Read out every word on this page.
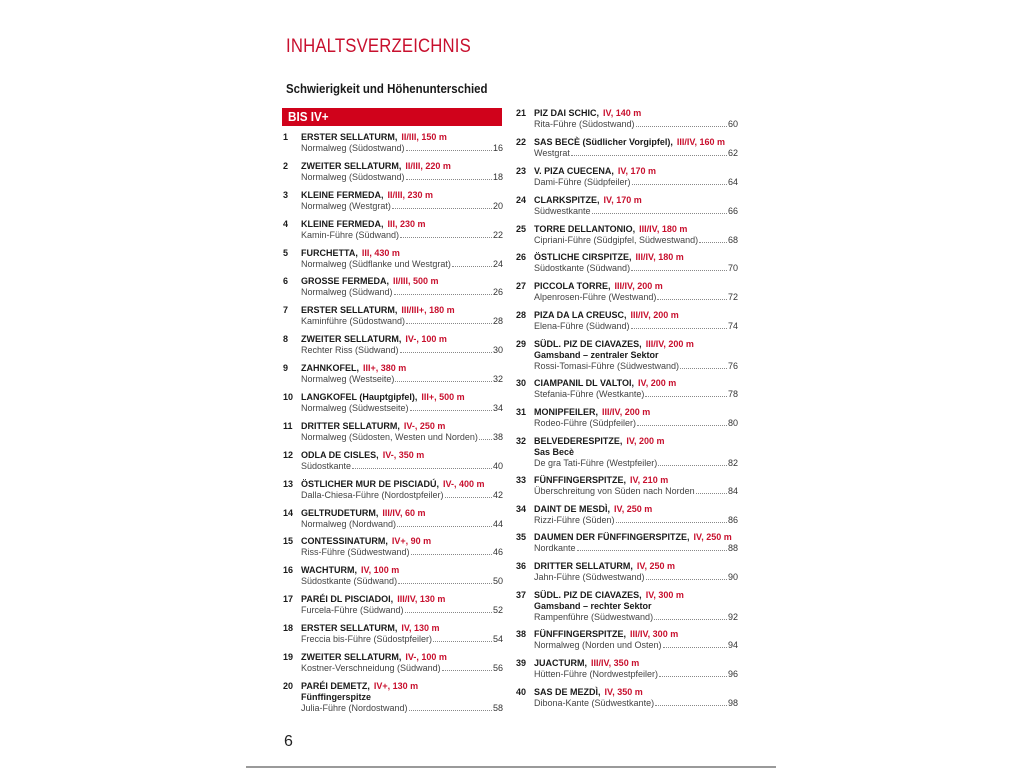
INHALTSVERZEICHNIS
Schwierigkeit und Höhenunterschied
BIS IV+
1	ERSTER SELLATURM, II/III, 150 m
Normalweg (Südostwand)	16
2	ZWEITER SELLATURM, II/III, 220 m
Normalweg (Südostwand)	18
3	KLEINE FERMEDA, II/III, 230 m
Normalweg (Westgrat)	20
4	KLEINE FERMEDA, III, 230 m
Kamin-Führe (Südwand)	22
5	FURCHETTA, III, 430 m
Normalweg (Südflanke und Westgrat)	24
6	GROSSE FERMEDA, II/III, 500 m
Normalweg (Südwand)	26
7	ERSTER SELLATURM, III/III+, 180 m
Kaminführe (Südostwand)	28
8	ZWEITER SELLATURM, IV-, 100 m
Rechter Riss (Südwand)	30
9	ZAHNKOFEL, III+, 380 m
Normalweg (Westseite)	32
10 LANGKOFEL (Hauptgipfel), III+, 500 m
Normalweg (Südwestseite)	34
11 DRITTER SELLATURM, IV-, 250 m
Normalweg (Südosten, Westen und Norden) 38
12 ODLA DE CISLES, IV-, 350 m
Südostkante	40
13 ÖSTLICHER MUR DE PISCIADÚ, IV-, 400 m
Dalla-Chiesa-Führe (Nordostpfeiler)	42
14 GELTRUDETURM, III/IV, 60 m
Normalweg (Nordwand)	44
15 CONTESSINATURM, IV+, 90 m
Riss-Führe (Südwestwand)	46
16 WACHTURM, IV, 100 m
Südostkante (Südwand)	50
17 PARÉI DL PISCIADOI, III/IV, 130 m
Furcela-Führe (Südwand)	52
18 ERSTER SELLATURM, IV, 130 m
Freccia bis-Führe (Südostpfeiler)	54
19 ZWEITER SELLATURM, IV-, 100 m
Kostner-Verschneidung (Südwand)	56
20 PARÉI DEMETZ, IV+, 130 m
Fünffingerspitze
Julia-Führe (Nordostwand)	58
21 PIZ DAI SCHIC, IV, 140 m
Rita-Führe (Südostwand)	60
22 SAS BECÈ (Südlicher Vorgipfel), III/IV, 160 m
Westgrat	62
23 V. PIZA CUECENA, IV, 170 m
Dami-Führe (Südpfeiler)	64
24 CLARKSPITZE, IV, 170 m
Südwestkante	66
25 TORRE DELLANTONIO, III/IV, 180 m
Cipriani-Führe (Südgipfel, Südwestwand)	68
26 ÖSTLICHE CIRSPITZE, III/IV, 180 m
Südostkante (Südwand)	70
27 PICCOLA TORRE, III/IV, 200 m
Alpenrosen-Führe (Westwand)	72
28 PIZA DA LA CREUSC, III/IV, 200 m
Elena-Führe (Südwand)	74
29 SÜDL. PIZ DE CIAVAZES, III/IV, 200 m
Gamsband – zentraler Sektor
Rossi-Tomasi-Führe (Südwestwand)	76
30 CIAMPANIL DL VALTOI, IV, 200 m
Stefania-Führe (Westkante)	78
31 MONIPFEILER, III/IV, 200 m
Rodeo-Führe (Südpfeiler)	80
32 BELVEDERESPITZE, IV, 200 m
Sas Becè
De gra Tati-Führe (Westpfeiler)	82
33 FÜNFFINGERSPITZE, IV, 210 m
Überschreitung von Süden nach Norden	84
34 DAINT DE MESDÌ, IV, 250 m
Rizzi-Führe (Süden)	86
35 DAUMEN DER FÜNFFINGERSPITZE, IV, 250 m
Nordkante	88
36 DRITTER SELLATURM, IV, 250 m
Jahn-Führe (Südwestwand)	90
37 SÜDL. PIZ DE CIAVAZES, IV, 300 m
Gamsband – rechter Sektor
Rampenführe (Südwestwand)	92
38 FÜNFFINGERSPITZE, III/IV, 300 m
Normalweg (Norden und Osten)	94
39 JUACTURM, III/IV, 350 m
Hütten-Führe (Nordwestpfeiler)	96
40 SAS DE MEZDÌ, IV, 350 m
Dibona-Kante (Südwestkante)	98
6
